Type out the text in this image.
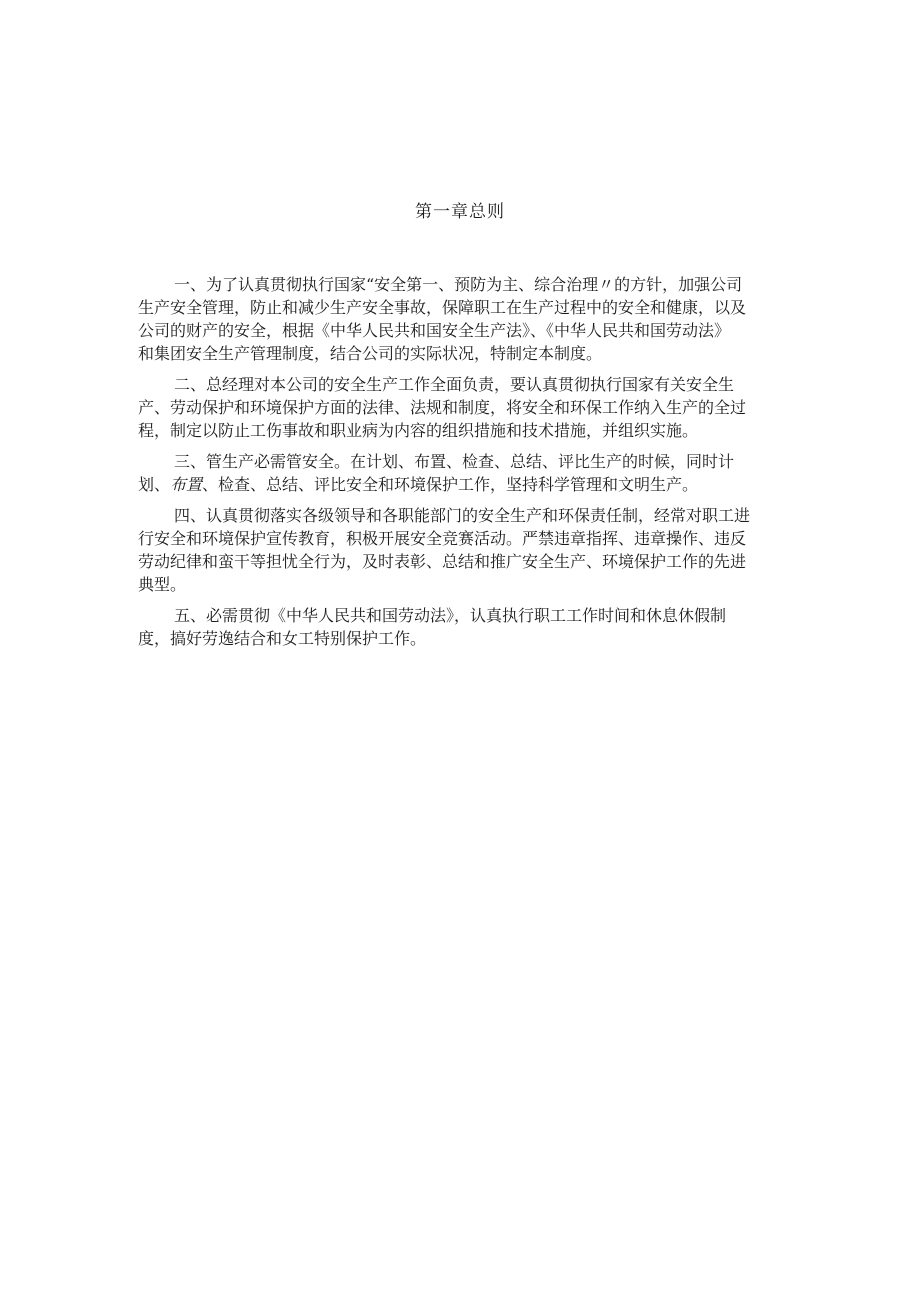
第一章总则
一、为了认真贯彻执行国家“安全第一、预防为主、综合治理〃的方针，加强公司
生产安全管理，防止和减少生产安全事故，保障职工在生产过程中的安全和健康，以及
公司的财产的安全，根据《中华人民共和国安全生产法》、《中华人民共和国劳动法》
和集团安全生产管理制度，结合公司的实际状况，特制定本制度。
二、总经理对本公司的安全生产工作全面负责，要认真贯彻执行国家有关安全生
产、劳动保护和环境保护方面的法律、法规和制度，将安全和环保工作纳入生产的全过
程，制定以防止工伤事故和职业病为内容的组织措施和技术措施，并组织实施。
三、管生产必需管安全。在计划、布置、检查、总结、评比生产的时候，同时计
划、布置、检查、总结、评比安全和环境保护工作，坚持科学管理和文明生产。
四、认真贯彻落实各级领导和各职能部门的安全生产和环保责任制，经常对职工进
行安全和环境保护宣传教育，积极开展安全竞赛活动。严禁违章指挥、违章操作、违反
劳动纪律和蛮干等担忧全行为，及时表彰、总结和推广安全生产、环境保护工作的先进
典型。
五、必需贯彻《中华人民共和国劳动法》，认真执行职工工作时间和休息休假制
度，搞好劳逸结合和女工特别保护工作。
